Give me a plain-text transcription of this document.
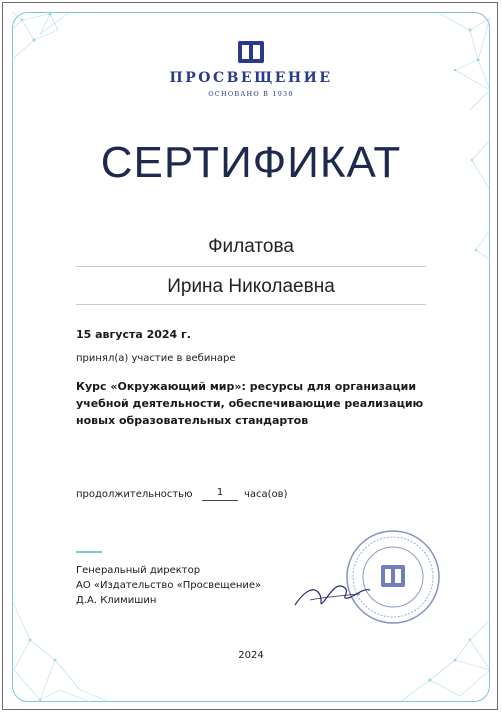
ПРОСВЕЩЕНИЕ
ОСНОВАНО В 1930
СЕРТИФИКАТ
Филатова
Ирина Николаевна
15 августа 2024 г.
принял(а) участие в вебинаре
Курс «Окружающий мир»: ресурсы для организации учебной деятельности, обеспечивающие реализацию новых образовательных стандартов
продолжительностью	1	часа(ов)
Генеральный директор
АО «Издательство «Просвещение»
Д.А. Климишин
2024
